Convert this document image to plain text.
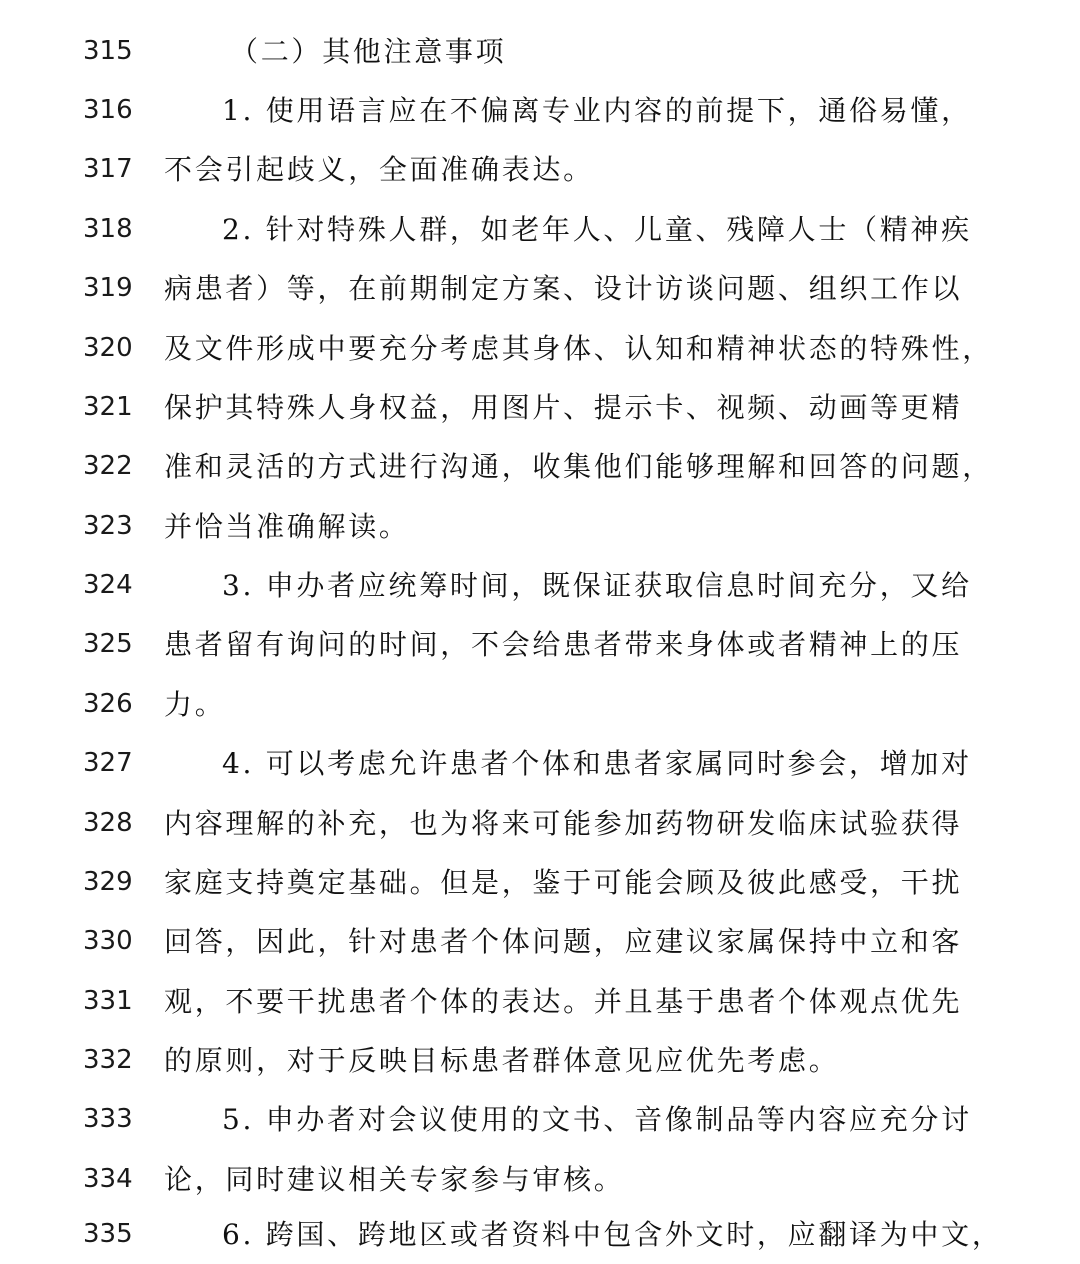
315	（二）其他注意事项
316	1. 使用语言应在不偏离专业内容的前提下，通俗易懂，
317	不会引起歧义，全面准确表达。
318	2. 针对特殊人群，如老年人、儿童、残障人士（精神疾
319	病患者）等，在前期制定方案、设计访谈问题、组织工作以
320	及文件形成中要充分考虑其身体、认知和精神状态的特殊性，
321	保护其特殊人身权益，用图片、提示卡、视频、动画等更精
322	准和灵活的方式进行沟通，收集他们能够理解和回答的问题，
323	并恰当准确解读。
324	3. 申办者应统筹时间，既保证获取信息时间充分，又给
325	患者留有询问的时间，不会给患者带来身体或者精神上的压
326	力。
327	4. 可以考虑允许患者个体和患者家属同时参会，增加对
328	内容理解的补充，也为将来可能参加药物研发临床试验获得
329	家庭支持奠定基础。但是，鉴于可能会顾及彼此感受，干扰
330	回答，因此，针对患者个体问题，应建议家属保持中立和客
331	观，不要干扰患者个体的表达。并且基于患者个体观点优先
332	的原则，对于反映目标患者群体意见应优先考虑。
333	5. 申办者对会议使用的文书、音像制品等内容应充分讨
334	论，同时建议相关专家参与审核。
335	6. 跨国、跨地区或者资料中包含外文时，应翻译为中文，
